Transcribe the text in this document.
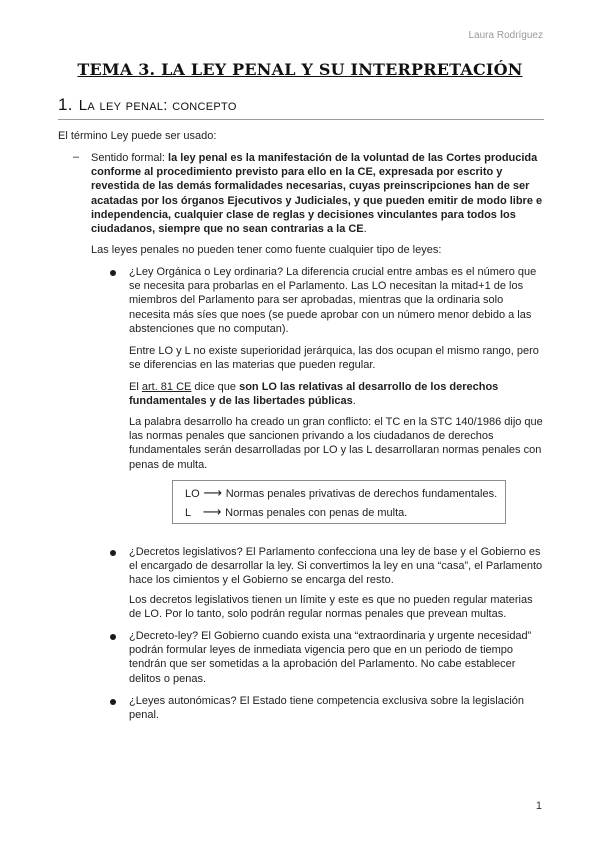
Laura Rodríguez
TEMA 3. LA LEY PENAL Y SU INTERPRETACIÓN
1. La ley penal: concepto
El término Ley puede ser usado:
– Sentido formal: la ley penal es la manifestación de la voluntad de las Cortes producida conforme al procedimiento previsto para ello en la CE, expresada por escrito y revestida de las demás formalidades necesarias, cuyas preinscripciones han de ser acatadas por los órganos Ejecutivos y Judiciales, y que pueden emitir de modo libre e independencia, cualquier clase de reglas y decisiones vinculantes para todos los ciudadanos, siempre que no sean contrarias a la CE.
Las leyes penales no pueden tener como fuente cualquier tipo de leyes:
¿Ley Orgánica o Ley ordinaria? La diferencia crucial entre ambas es el número que se necesita para probarlas en el Parlamento. Las LO necesitan la mitad+1 de los miembros del Parlamento para ser aprobadas, mientras que la ordinaria solo necesita más síes que noes (se puede aprobar con un número menor debido a las abstenciones que no computan).
Entre LO y L no existe superioridad jerárquica, las dos ocupan el mismo rango, pero se diferencias en las materias que pueden regular.
El art. 81 CE dice que son LO las relativas al desarrollo de los derechos fundamentales y de las libertades públicas.
La palabra desarrollo ha creado un gran conflicto: el TC en la STC 140/1986 dijo que las normas penales que sancionen privando a los ciudadanos de derechos fundamentales serán desarrolladas por LO y las L desarrollaran normas penales con penas de multa.
LO ⟶ Normas penales privativas de derechos fundamentales.
L ⟶ Normas penales con penas de multa.
¿Decretos legislativos? El Parlamento confecciona una ley de base y el Gobierno es el encargado de desarrollar la ley. Si convertimos la ley en una “casa”, el Parlamento hace los cimientos y el Gobierno se encarga del resto.
Los decretos legislativos tienen un límite y este es que no pueden regular materias de LO. Por lo tanto, solo podrán regular normas penales que prevean multas.
¿Decreto-ley? El Gobierno cuando exista una “extraordinaria y urgente necesidad” podrán formular leyes de inmediata vigencia pero que en un periodo de tiempo tendrán que ser sometidas a la aprobación del Parlamento. No cabe establecer delitos o penas.
¿Leyes autonómicas? El Estado tiene competencia exclusiva sobre la legislación penal.
1
